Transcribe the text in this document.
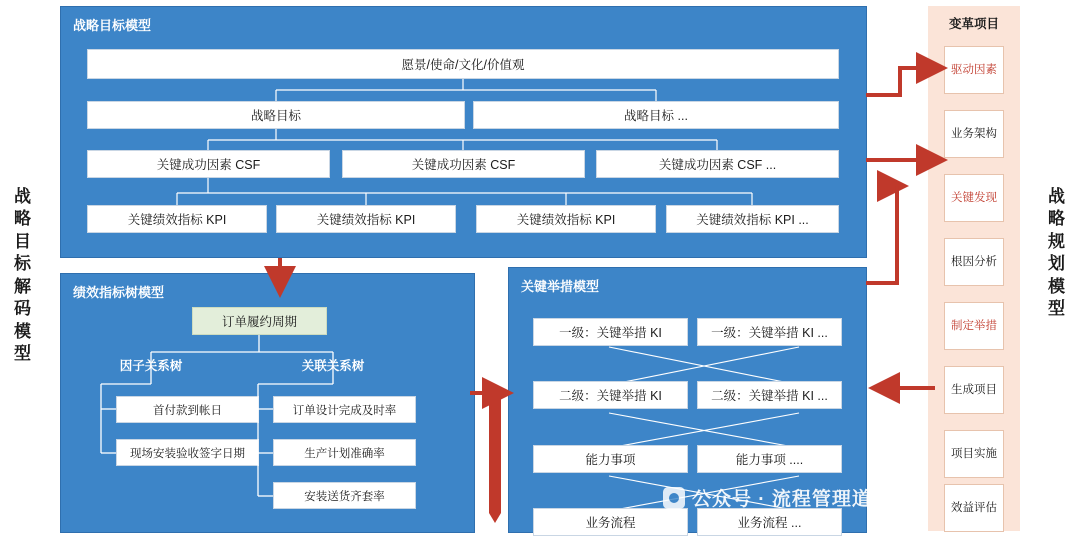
战
略
目
标
解
码
模
型
战
略
规
划
模
型
战略目标模型
愿景/使命/文化/价值观
战略目标	战略目标 ...
关键成功因素 CSF	关键成功因素 CSF	关键成功因素 CSF ...
关键绩效指标 KPI	关键绩效指标 KPI	关键绩效指标 KPI	关键绩效指标 KPI ...
绩效指标树模型
订单履约周期
因子关系树	关联关系树
首付款到帐日
现场安装验收签字日期
订单设计完成及时率
生产计划准确率
安装送货齐套率
关键举措模型
一级：关键举措 KI	一级：关键举措 KI ...
二级：关键举措 KI	二级：关键举措 KI ...
能力事项	能力事项 ....
业务流程	业务流程 ...
变革项目
驱动因素
业务架构
关键发现
根因分析
制定举措
生成项目
项目实施
效益评估
公众号 · 流程管理道可道
